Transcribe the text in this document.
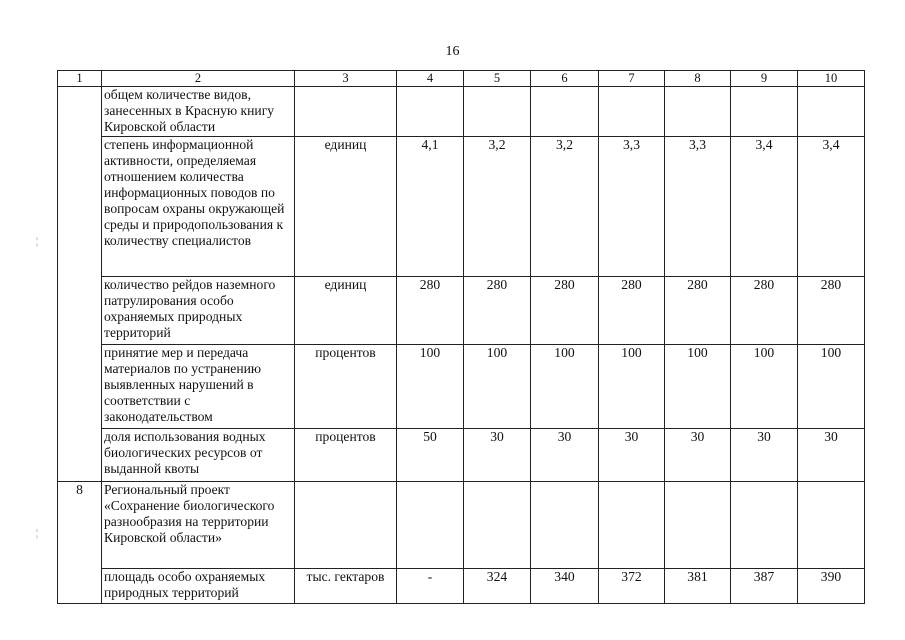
16
¦
¦
1	2	3	4	5	6	7	8	9	10
	общем количестве видов, занесенных в Красную книгу Кировской области								
	степень информационной активности, определяемая отношением количества информационных поводов по вопросам охраны окружающей среды и природопользования к количеству специалистов	единиц	4,1	3,2	3,2	3,3	3,3	3,4	3,4
	количество рейдов наземного патрулирования особо охраняемых природных территорий	единиц	280	280	280	280	280	280	280
	принятие мер и передача материалов по устранению выявленных нарушений в соответствии с законодательством	процентов	100	100	100	100	100	100	100
	доля использования водных биологических ресурсов от выданной квоты	процентов	50	30	30	30	30	30	30
8	Региональный проект «Сохранение биологического разнообразия на территории Кировской области»								
	площадь особо охраняемых природных территорий	тыс. гектаров	-	324	340	372	381	387	390
